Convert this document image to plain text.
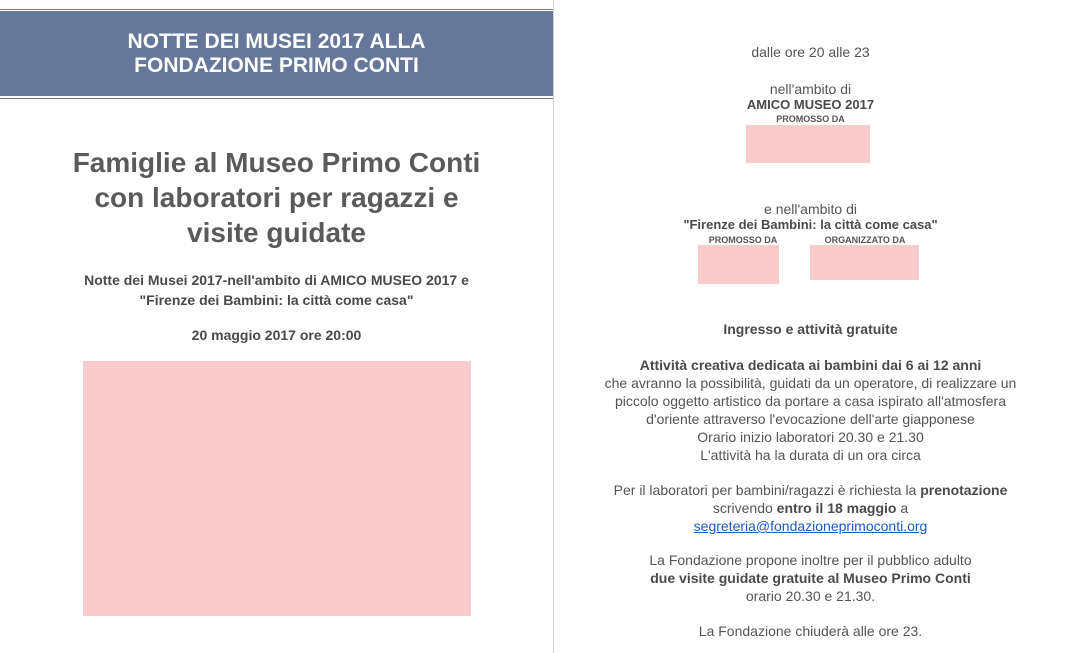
NOTTE DEI MUSEI 2017 ALLA
FONDAZIONE PRIMO CONTI
Famiglie al Museo Primo Conti
con laboratori per ragazzi e
visite guidate
Notte dei Musei 2017-nell'ambito di AMICO MUSEO 2017 e
"Firenze dei Bambini: la città come casa"
20 maggio 2017 ore 20:00
dalle ore 20 alle 23
nell'ambito di
AMICO MUSEO 2017
PROMOSSO DA
e nell'ambito di
"Firenze dei Bambini: la città come casa"
PROMOSSO DA	ORGANIZZATO DA
Ingresso e attività gratuite
Attività creativa dedicata ai bambini dai 6 ai 12 anni
che avranno la possibilità, guidati da un operatore, di realizzare un
piccolo oggetto artistico da portare a casa ispirato all'atmosfera
d'oriente attraverso l'evocazione dell'arte giapponese
Orario inizio laboratori 20.30 e 21.30
L'attività ha la durata di un ora circa
Per il laboratori per bambini/ragazzi è richiesta la prenotazione
scrivendo entro il 18 maggio a
segreteria@fondazioneprimoconti.org
La Fondazione propone inoltre per il pubblico adulto
due visite guidate gratuite al Museo Primo Conti
orario 20.30 e 21.30.
La Fondazione chiuderà alle ore 23.
